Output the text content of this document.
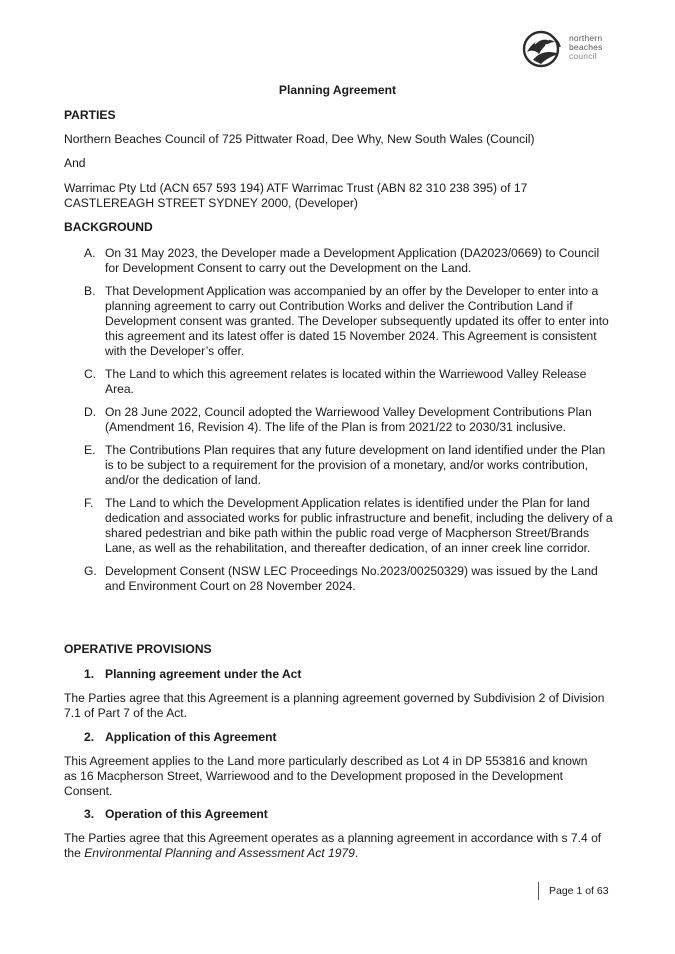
northern
beaches
council
Planning Agreement
PARTIES
Northern Beaches Council of 725 Pittwater Road, Dee Why, New South Wales (Council)
And
Warrimac Pty Ltd (ACN 657 593 194) ATF Warrimac Trust (ABN 82 310 238 395) of 17 CASTLEREAGH STREET SYDNEY 2000, (Developer)
BACKGROUND
A. On 31 May 2023, the Developer made a Development Application (DA2023/0669) to Council for Development Consent to carry out the Development on the Land.
B. That Development Application was accompanied by an offer by the Developer to enter into a planning agreement to carry out Contribution Works and deliver the Contribution Land if Development consent was granted. The Developer subsequently updated its offer to enter into this agreement and its latest offer is dated 15 November 2024. This Agreement is consistent with the Developer’s offer.
C. The Land to which this agreement relates is located within the Warriewood Valley Release Area.
D. On 28 June 2022, Council adopted the Warriewood Valley Development Contributions Plan (Amendment 16, Revision 4). The life of the Plan is from 2021/22 to 2030/31 inclusive.
E. The Contributions Plan requires that any future development on land identified under the Plan is to be subject to a requirement for the provision of a monetary, and/or works contribution, and/or the dedication of land.
F. The Land to which the Development Application relates is identified under the Plan for land dedication and associated works for public infrastructure and benefit, including the delivery of a shared pedestrian and bike path within the public road verge of Macpherson Street/Brands Lane, as well as the rehabilitation, and thereafter dedication, of an inner creek line corridor.
G. Development Consent (NSW LEC Proceedings No.2023/00250329) was issued by the Land and Environment Court on 28 November 2024.
OPERATIVE PROVISIONS
1. Planning agreement under the Act
The Parties agree that this Agreement is a planning agreement governed by Subdivision 2 of Division 7.1 of Part 7 of the Act.
2. Application of this Agreement
This Agreement applies to the Land more particularly described as Lot 4 in DP 553816 and known as 16 Macpherson Street, Warriewood and to the Development proposed in the Development Consent.
3. Operation of this Agreement
The Parties agree that this Agreement operates as a planning agreement in accordance with s 7.4 of the Environmental Planning and Assessment Act 1979.
Page 1 of 63
